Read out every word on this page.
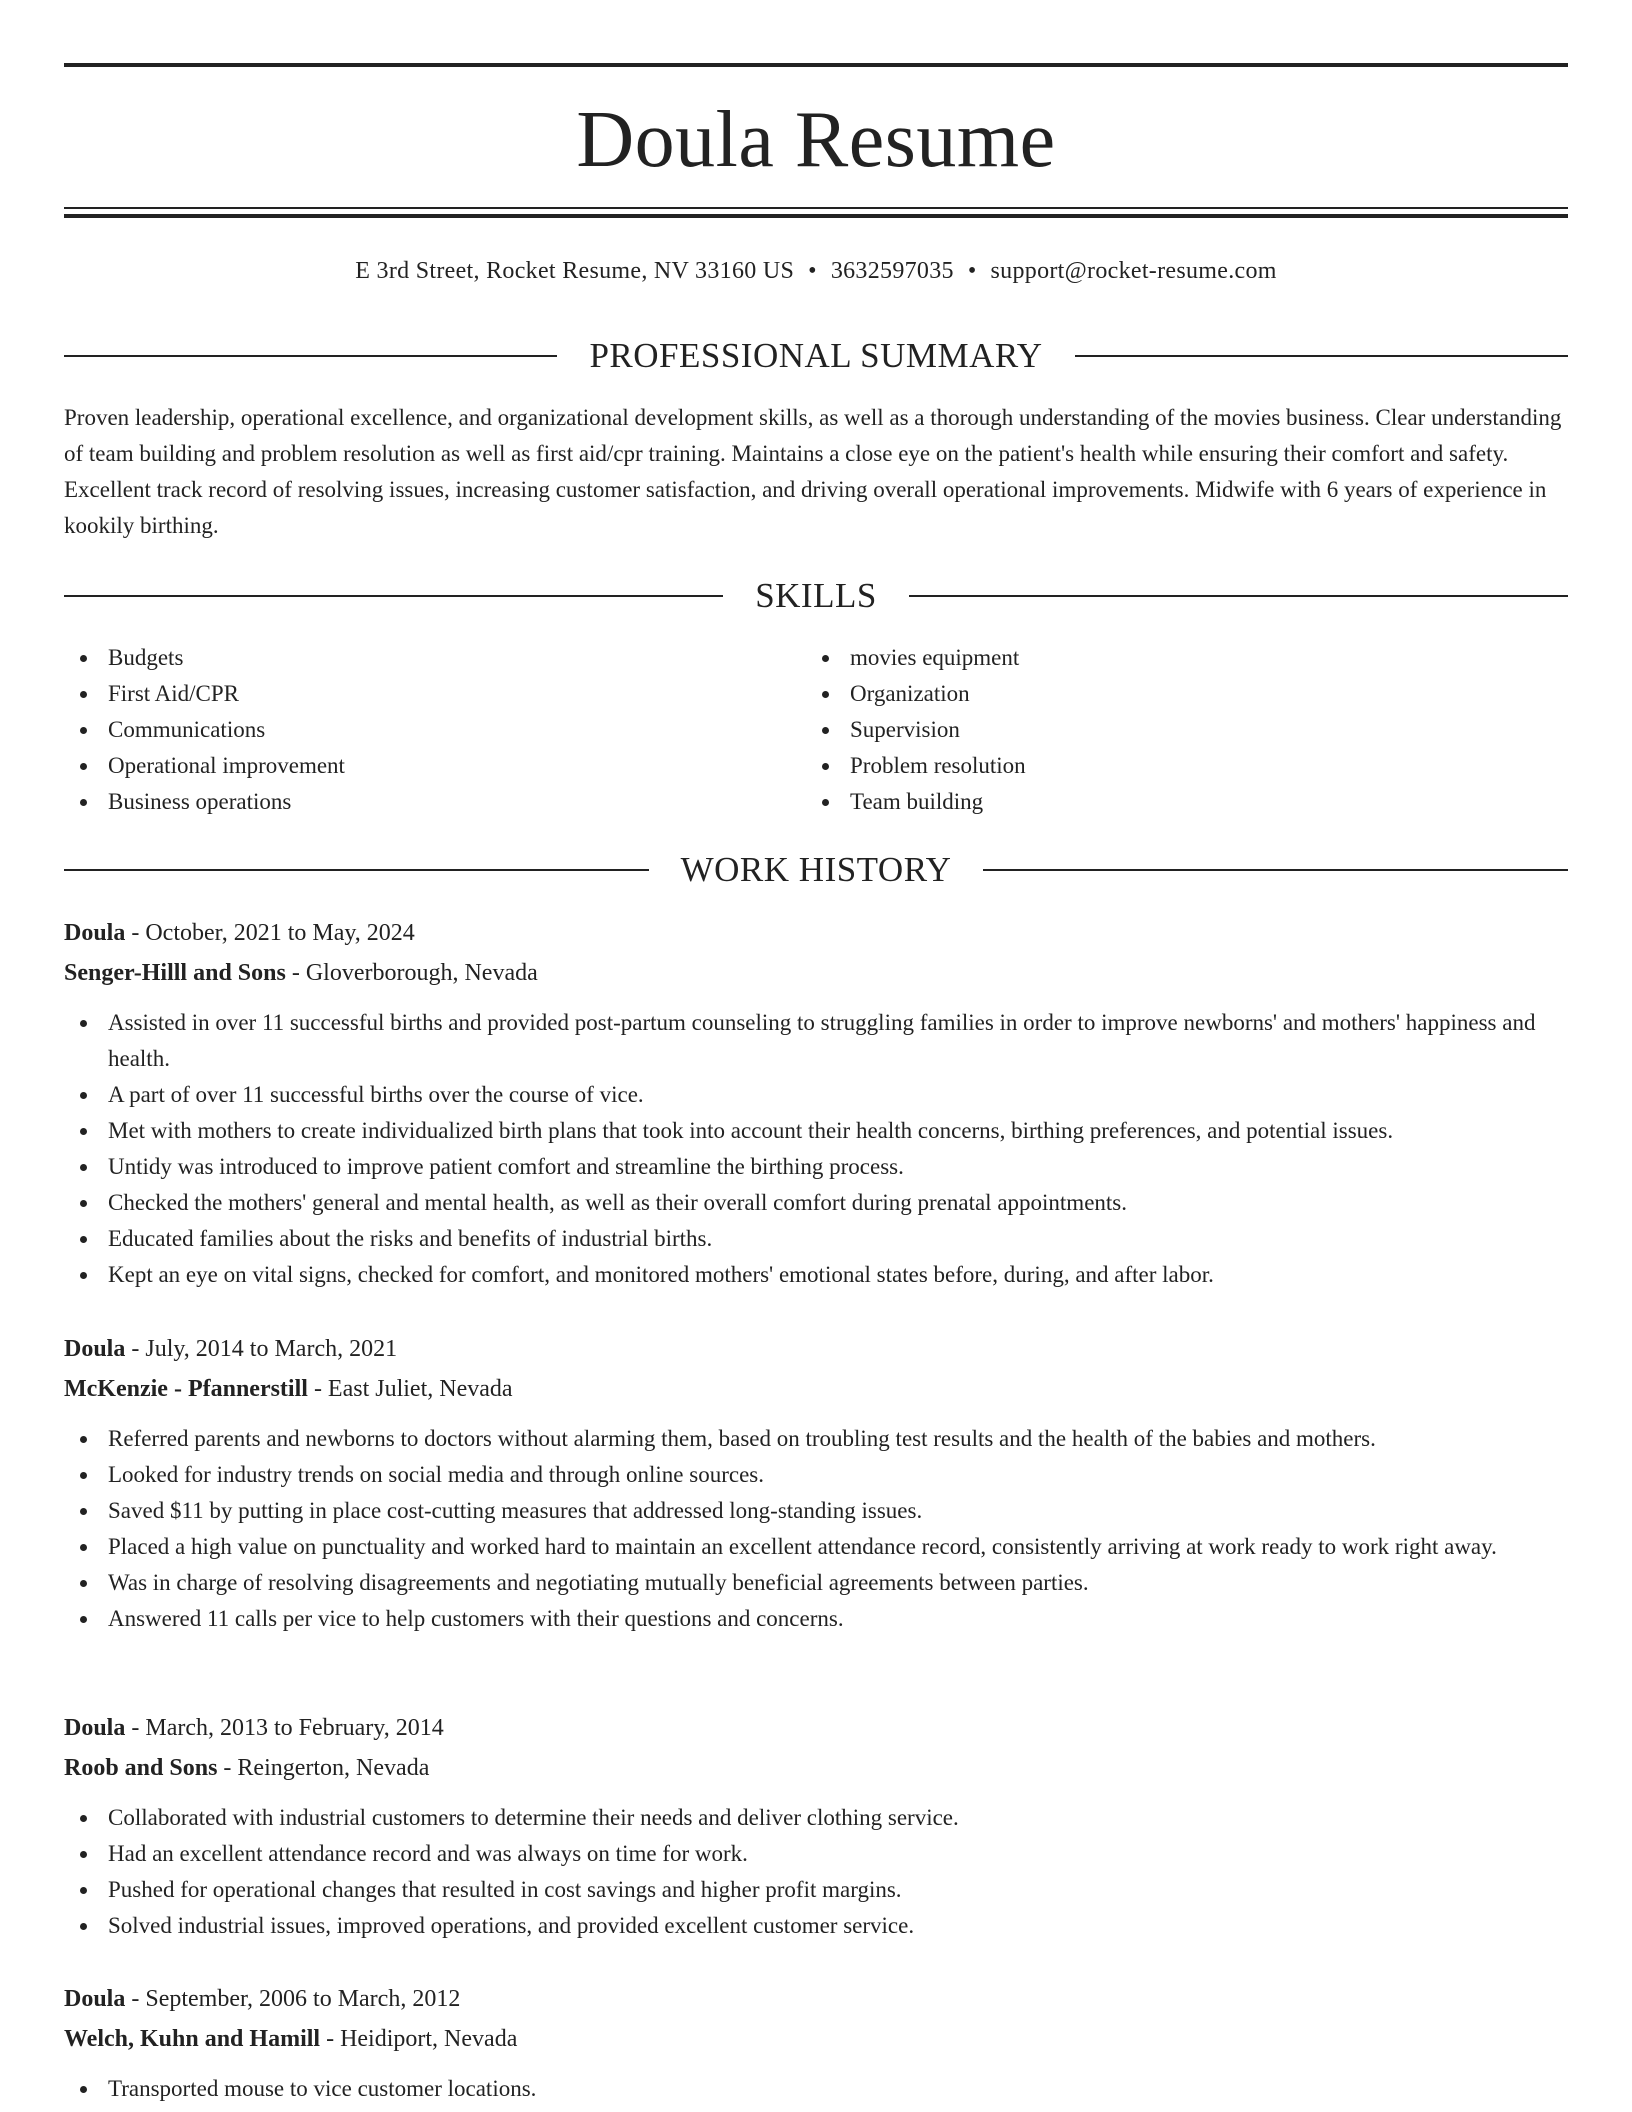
Doula Resume
E 3rd Street, Rocket Resume, NV 33160 US • 3632597035 • support@rocket-resume.com
PROFESSIONAL SUMMARY

Proven leadership, operational excellence, and organizational development skills, as well as a thorough understanding of the movies business. Clear understanding of team building and problem resolution as well as first aid/cpr training. Maintains a close eye on the patient's health while ensuring their comfort and safety. Excellent track record of resolving issues, increasing customer satisfaction, and driving overall operational improvements. Midwife with 6 years of experience in kookily birthing.

SKILLS
Budgets
First Aid/CPR
Communications
Operational improvement
Business operations
movies equipment
Organization
Supervision
Problem resolution
Team building
WORK HISTORY
Doula - October, 2021 to May, 2024
Senger-Hilll and Sons - Gloverborough, Nevada
Assisted in over 11 successful births and provided post-partum counseling to struggling families in order to improve newborns' and mothers' happiness and health.
A part of over 11 successful births over the course of vice.
Met with mothers to create individualized birth plans that took into account their health concerns, birthing preferences, and potential issues.
Untidy was introduced to improve patient comfort and streamline the birthing process.
Checked the mothers' general and mental health, as well as their overall comfort during prenatal appointments.
Educated families about the risks and benefits of industrial births.
Kept an eye on vital signs, checked for comfort, and monitored mothers' emotional states before, during, and after labor.
Doula - July, 2014 to March, 2021
McKenzie - Pfannerstill - East Juliet, Nevada
Referred parents and newborns to doctors without alarming them, based on troubling test results and the health of the babies and mothers.
Looked for industry trends on social media and through online sources.
Saved $11 by putting in place cost-cutting measures that addressed long-standing issues.
Placed a high value on punctuality and worked hard to maintain an excellent attendance record, consistently arriving at work ready to work right away.
Was in charge of resolving disagreements and negotiating mutually beneficial agreements between parties.
Answered 11 calls per vice to help customers with their questions and concerns.
Doula - March, 2013 to February, 2014
Roob and Sons - Reingerton, Nevada
Collaborated with industrial customers to determine their needs and deliver clothing service.
Had an excellent attendance record and was always on time for work.
Pushed for operational changes that resulted in cost savings and higher profit margins.
Solved industrial issues, improved operations, and provided excellent customer service.
Doula - September, 2006 to March, 2012
Welch, Kuhn and Hamill - Heidiport, Nevada
Transported mouse to vice customer locations.
